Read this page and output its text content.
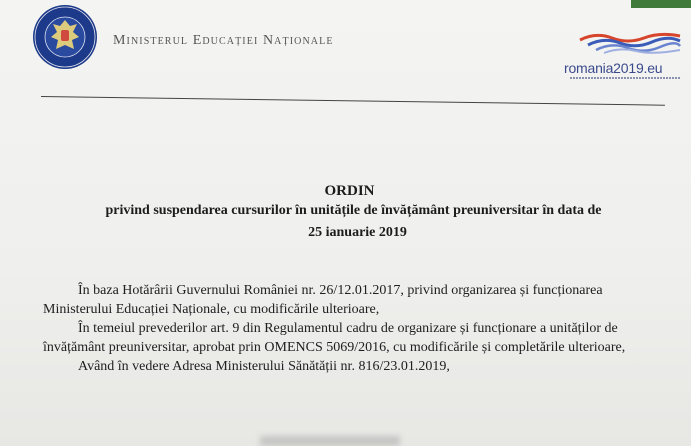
Ministerul Educației Naționale
romania2019.eu
ORDIN
privind suspendarea cursurilor în unitățile de învățământ preuniversitar în data de
25 ianuarie 2019
În baza Hotărârii Guvernului României nr. 26/12.01.2017, privind organizarea și funcționarea
Ministerului Educației Naționale, cu modificările ulterioare,
În temeiul prevederilor art. 9 din Regulamentul cadru de organizare și funcționare a unităților de
învățământ preuniversitar, aprobat prin OMENCS 5069/2016, cu modificările și completările ulterioare,
Având în vedere Adresa Ministerului Sănătății nr. 816/23.01.2019,
